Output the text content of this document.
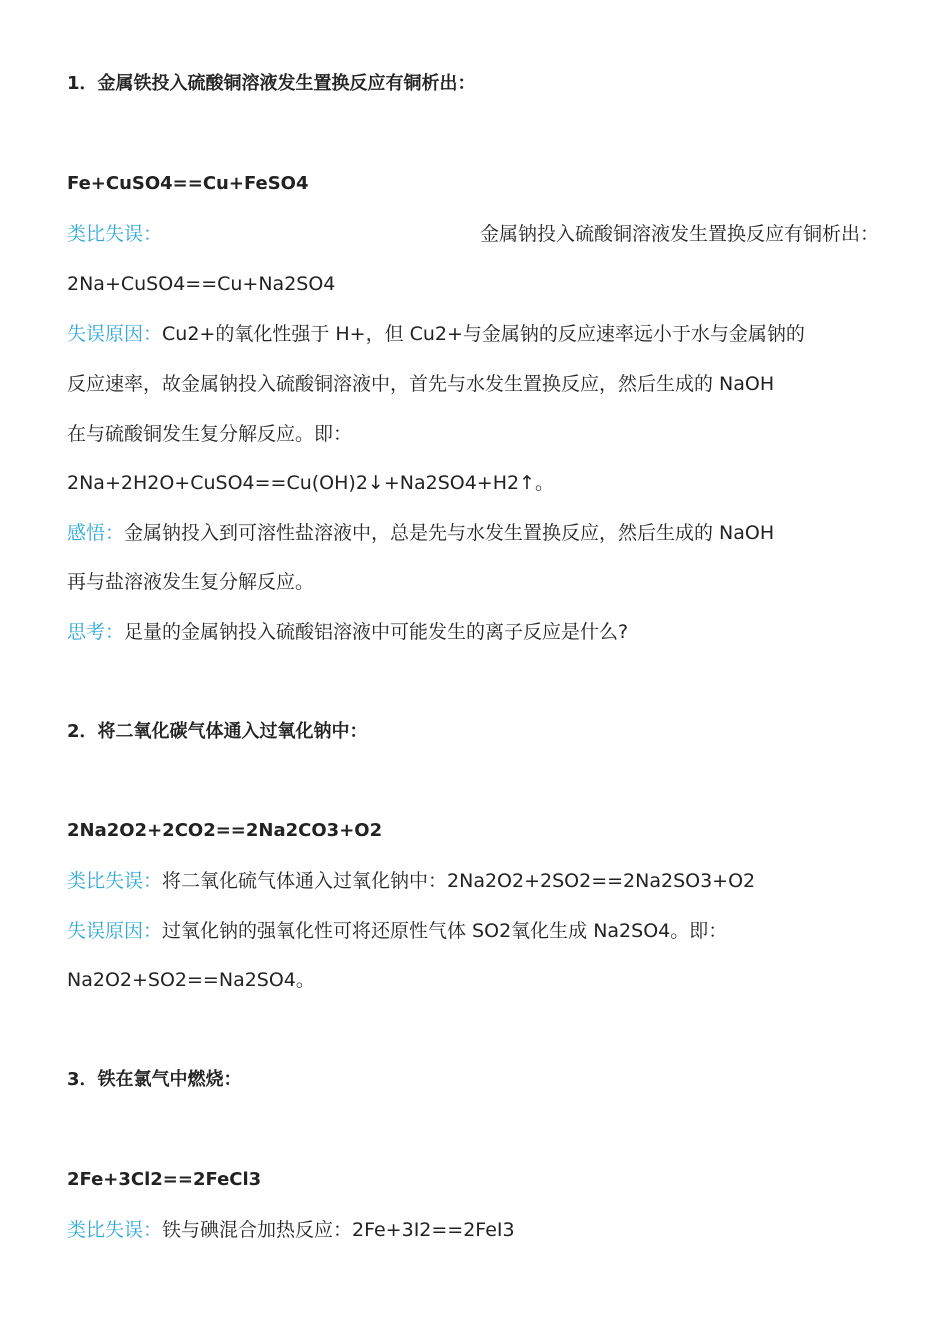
1．金属铁投入硫酸铜溶液发生置换反应有铜析出：
Fe+CuSO4==Cu+FeSO4
类比失误：	金属钠投入硫酸铜溶液发生置换反应有铜析出：
2Na+CuSO4==Cu+Na2SO4
失误原因：Cu2+的氧化性强于 H+，但 Cu2+与金属钠的反应速率远小于水与金属钠的
反应速率，故金属钠投入硫酸铜溶液中，首先与水发生置换反应，然后生成的 NaOH
在与硫酸铜发生复分解反应。即：
2Na+2H2O+CuSO4==Cu(OH)2↓+Na2SO4+H2↑。
感悟：金属钠投入到可溶性盐溶液中，总是先与水发生置换反应，然后生成的 NaOH
再与盐溶液发生复分解反应。
思考：足量的金属钠投入硫酸铝溶液中可能发生的离子反应是什么?
2．将二氧化碳气体通入过氧化钠中：
2Na2O2+2CO2==2Na2CO3+O2
类比失误：将二氧化硫气体通入过氧化钠中：2Na2O2+2SO2==2Na2SO3+O2
失误原因：过氧化钠的强氧化性可将还原性气体 SO2氧化生成 Na2SO4。即：
Na2O2+SO2==Na2SO4。
3．铁在氯气中燃烧：
2Fe+3Cl2==2FeCl3
类比失误：铁与碘混合加热反应：2Fe+3I2==2FeI3
